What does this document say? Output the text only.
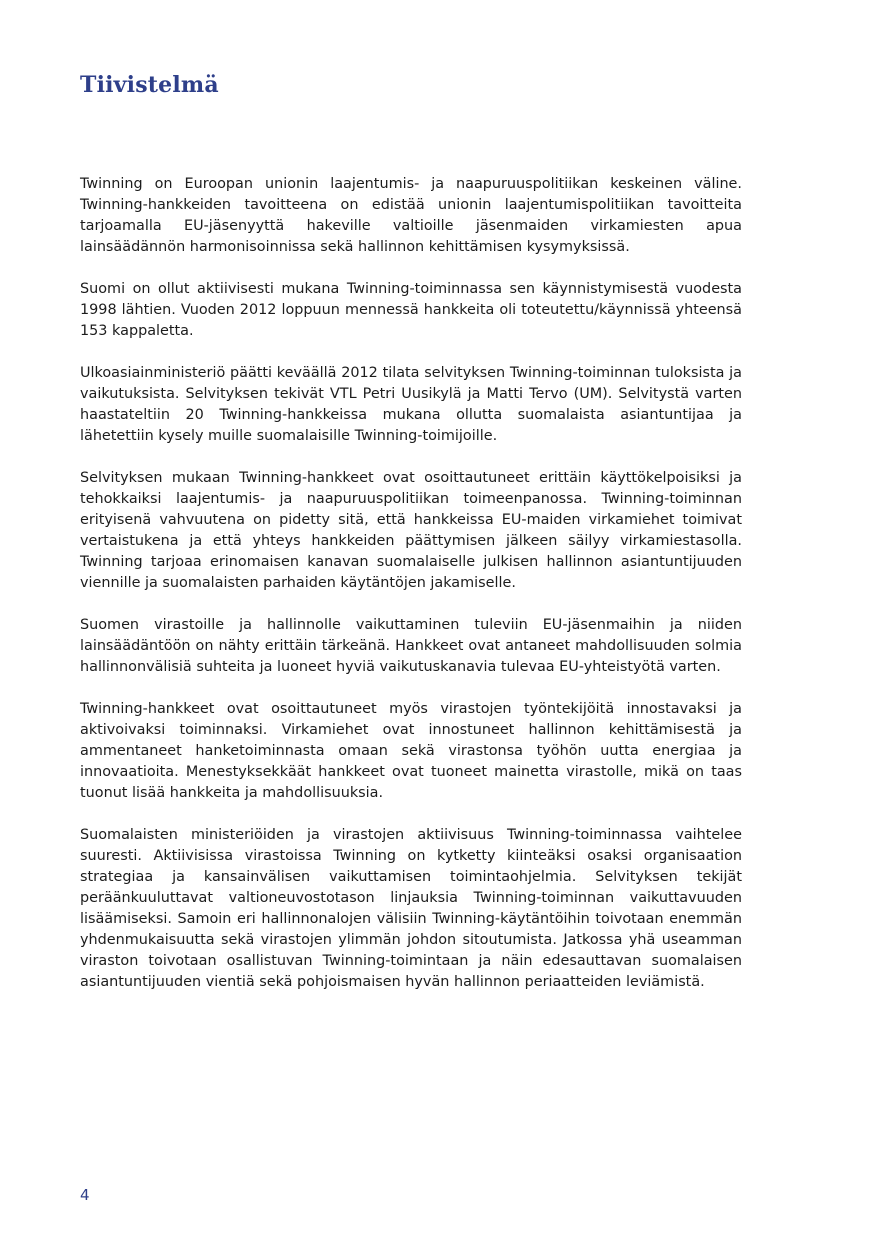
Tiivistelmä

Twinning on Euroopan unionin laajentumis- ja naapuruuspolitiikan keskeinen väline. Twinning-hankkeiden tavoitteena on edistää unionin laajentumispolitiikan tavoitteita tarjoamalla EU-jäsenyyttä hakeville valtioille jäsenmaiden virkamiesten apua lainsäädännön harmonisoinnissa sekä hallinnon kehittämisen kysymyksissä.

Suomi on ollut aktiivisesti mukana Twinning-toiminnassa sen käynnistymisestä vuodesta 1998 lähtien. Vuoden 2012 loppuun mennessä hankkeita oli toteutettu/käynnissä yhteensä 153 kappaletta.

Ulkoasiainministeriö päätti keväällä 2012 tilata selvityksen Twinning-toiminnan tuloksista ja vaikutuksista. Selvityksen tekivät VTL Petri Uusikylä ja Matti Tervo (UM). Selvitystä varten haastateltiin 20 Twinning-hankkeissa mukana ollutta suomalaista asiantuntijaa ja lähetettiin kysely muille suomalaisille Twinning-toimijoille.

Selvityksen mukaan Twinning-hankkeet ovat osoittautuneet erittäin käyttökelpoisiksi ja tehokkaiksi laajentumis- ja naapuruuspolitiikan toimeenpanossa. Twinning-toiminnan erityisenä vahvuutena on pidetty sitä, että hankkeissa EU-maiden virkamiehet toimivat vertaistukena ja että yhteys hankkeiden päättymisen jälkeen säilyy virkamiestasolla. Twinning tarjoaa erinomaisen kanavan suomalaiselle julkisen hallinnon asiantuntijuuden viennille ja suomalaisten parhaiden käytäntöjen jakamiselle.

Suomen virastoille ja hallinnolle vaikuttaminen tuleviin EU-jäsenmaihin ja niiden lainsäädäntöön on nähty erittäin tärkeänä. Hankkeet ovat antaneet mahdollisuuden solmia hallinnonvälisiä suhteita ja luoneet hyviä vaikutuskanavia tulevaa EU-yhteistyötä varten.

Twinning-hankkeet ovat osoittautuneet myös virastojen työntekijöitä innostavaksi ja aktivoivaksi toiminnaksi. Virkamiehet ovat innostuneet hallinnon kehittämisestä ja ammentaneet hanketoiminnasta omaan sekä virastonsa työhön uutta energiaa ja innovaatioita. Menestyksekkäät hankkeet ovat tuoneet mainetta virastolle, mikä on taas tuonut lisää hankkeita ja mahdollisuuksia.

Suomalaisten ministeriöiden ja virastojen aktiivisuus Twinning-toiminnassa vaihtelee suuresti. Aktiivisissa virastoissa Twinning on kytketty kiinteäksi osaksi organisaation strategiaa ja kansainvälisen vaikuttamisen toimintaohjelmia. Selvityksen tekijät peräänkuuluttavat valtioneuvostotason linjauksia Twinning-toiminnan vaikuttavuuden lisäämiseksi. Samoin eri hallinnonalojen välisiin Twinning-käytäntöihin toivotaan enemmän yhdenmukaisuutta sekä virastojen ylimmän johdon sitoutumista. Jatkossa yhä useamman viraston toivotaan osallistuvan Twinning-toimintaan ja näin edesauttavan suomalaisen asiantuntijuuden vientiä sekä pohjoismaisen hyvän hallinnon periaatteiden leviämistä.

4
